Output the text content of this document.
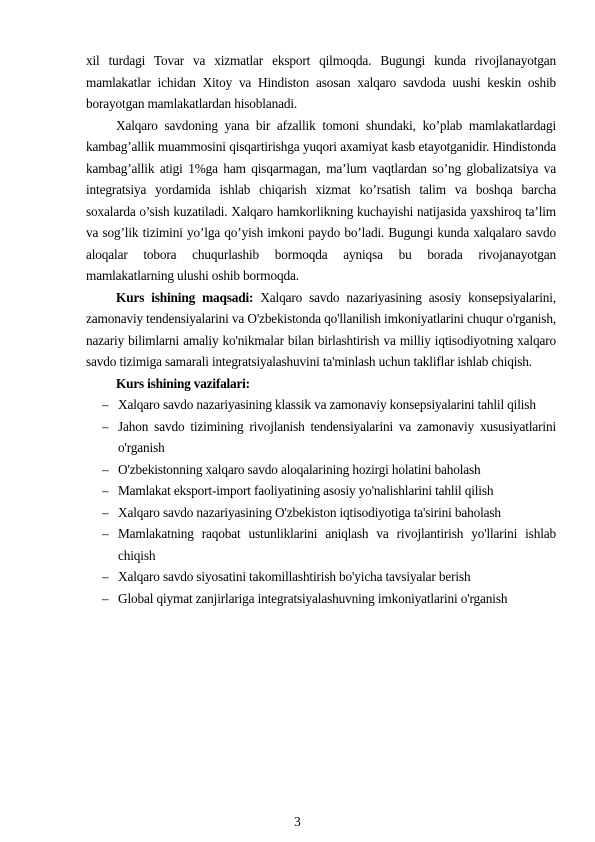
xil turdagi Tovar va xizmatlar eksport qilmoqda. Bugungi kunda rivojlanayotgan mamlakatlar ichidan Xitoy va Hindiston asosan xalqaro savdoda uushi keskin oshib borayotgan mamlakatlardan hisoblanadi.

Xalqaro savdoning yana bir afzallik tomoni shundaki, ko’plab mamlakatlardagi kambag’allik muammosini qisqartirishga yuqori axamiyat kasb etayotganidir. Hindistonda kambag’allik atigi 1%ga ham qisqarmagan, ma’lum vaqtlardan so’ng globalizatsiya va integratsiya yordamida ishlab chiqarish xizmat ko’rsatish talim va boshqa barcha soxalarda o’sish kuzatiladi. Xalqaro hamkorlikning kuchayishi natijasida yaxshiroq ta’lim va sog’lik tizimini yo’lga qo’yish imkoni paydo bo’ladi. Bugungi kunda xalqalaro savdo aloqalar tobora chuqurlashib bormoqda ayniqsa bu borada rivojanayotgan mamlakatlarning ulushi oshib bormoqda.

Kurs ishining maqsadi: Xalqaro savdo nazariyasining asosiy konsepsiyalarini, zamonaviy tendensiyalarini va O'zbekistonda qo'llanilish imkoniyatlarini chuqur o'rganish, nazariy bilimlarni amaliy ko'nikmalar bilan birlashtirish va milliy iqtisodiyotning xalqaro savdo tizimiga samarali integratsiyalashuvini ta'minlash uchun takliflar ishlab chiqish.

Kurs ishining vazifalari:

– Xalqaro savdo nazariyasining klassik va zamonaviy konsepsiyalarini tahlil qilish
– Jahon savdo tizimining rivojlanish tendensiyalarini va zamonaviy xususiyatlarini o'rganish
– O'zbekistonning xalqaro savdo aloqalarining hozirgi holatini baholash
– Mamlakat eksport-import faoliyatining asosiy yo'nalishlarini tahlil qilish
– Xalqaro savdo nazariyasining O'zbekiston iqtisodiyotiga ta'sirini baholash
– Mamlakatning raqobat ustunliklarini aniqlash va rivojlantirish yo'llarini ishlab chiqish
– Xalqaro savdo siyosatini takomillashtirish bo'yicha tavsiyalar berish
– Global qiymat zanjirlariga integratsiyalashuvning imkoniyatlarini o'rganish
3
